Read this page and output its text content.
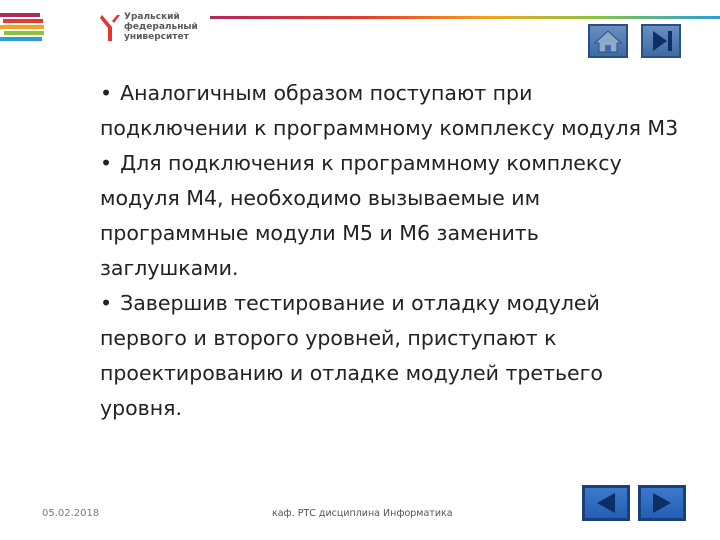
Уральский
федеральный
университет

• Аналогичным образом поступают при подключении к программному комплексу модуля М3

• Для подключения к программному комплексу модуля М4, необходимо вызываемые им программные модули М5 и М6 заменить заглушками.

• Завершив тестирование и отладку модулей первого и второго уровней, приступают к проектированию и отладке модулей третьего уровня.

05.02.2018	каф. РТС дисциплина Информатика
